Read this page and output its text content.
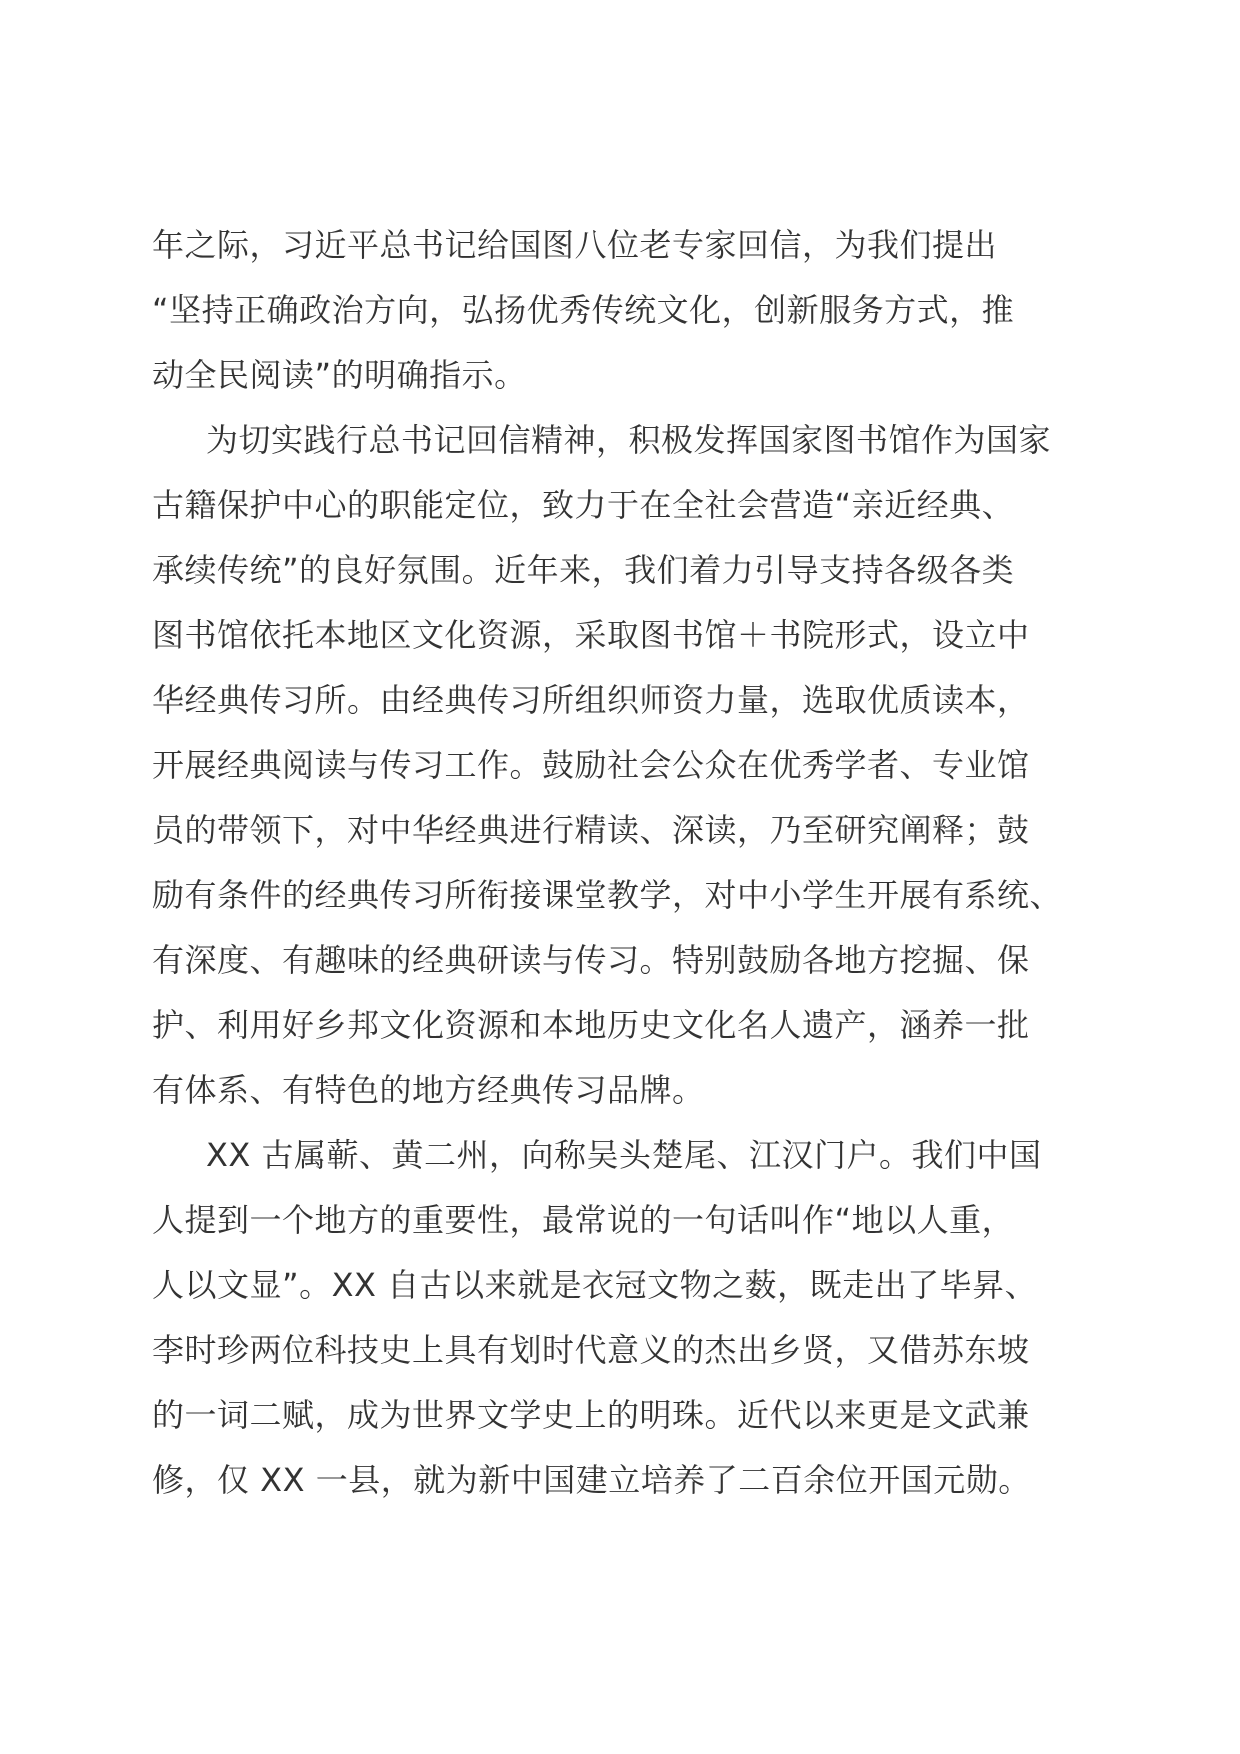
年之际，习近平总书记给国图八位老专家回信，为我们提出
“坚持正确政治方向，弘扬优秀传统文化，创新服务方式，推
动全民阅读”的明确指示。
为切实践行总书记回信精神，积极发挥国家图书馆作为国家
古籍保护中心的职能定位，致力于在全社会营造“亲近经典、
承续传统”的良好氛围。近年来，我们着力引导支持各级各类
图书馆依托本地区文化资源，采取图书馆＋书院形式，设立中
华经典传习所。由经典传习所组织师资力量，选取优质读本，
开展经典阅读与传习工作。鼓励社会公众在优秀学者、专业馆
员的带领下，对中华经典进行精读、深读，乃至研究阐释；鼓
励有条件的经典传习所衔接课堂教学，对中小学生开展有系统、
有深度、有趣味的经典研读与传习。特别鼓励各地方挖掘、保
护、利用好乡邦文化资源和本地历史文化名人遗产，涵养一批
有体系、有特色的地方经典传习品牌。
XX 古属蕲、黄二州，向称吴头楚尾、江汉门户。我们中国
人提到一个地方的重要性，最常说的一句话叫作“地以人重，
人以文显”。XX 自古以来就是衣冠文物之薮，既走出了毕昇、
李时珍两位科技史上具有划时代意义的杰出乡贤，又借苏东坡
的一词二赋，成为世界文学史上的明珠。近代以来更是文武兼
修，仅 XX 一县，就为新中国建立培养了二百余位开国元勋。
